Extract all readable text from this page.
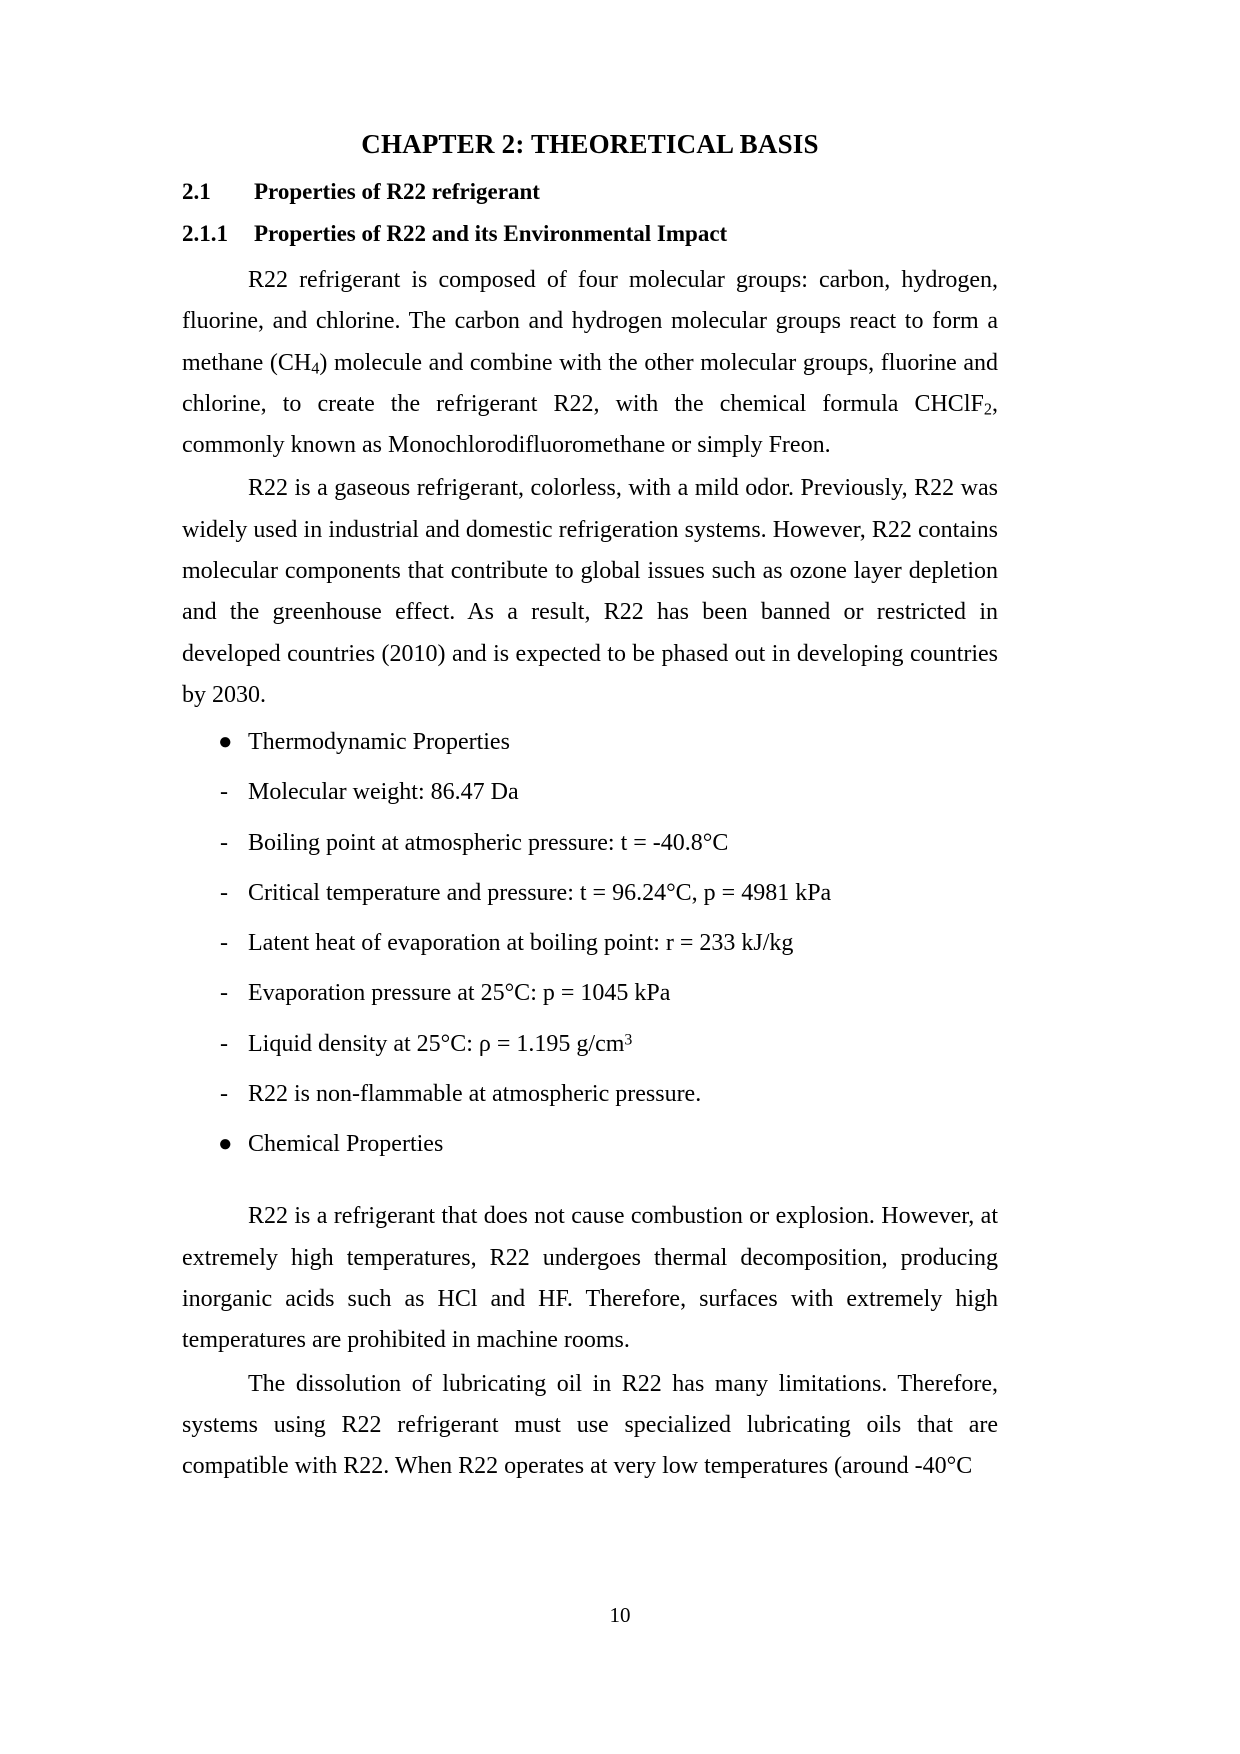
CHAPTER 2: THEORETICAL BASIS
2.1	Properties of R22 refrigerant
2.1.1	Properties of R22 and its Environmental Impact

R22 refrigerant is composed of four molecular groups: carbon, hydrogen, fluorine, and chlorine. The carbon and hydrogen molecular groups react to form a methane $(CH_4)$ molecule and combine with the other molecular groups, fluorine and chlorine, to create the refrigerant R22, with the chemical formula CHClF$_2$, commonly known as Monochlorodifluoromethane or simply Freon.

R22 is a gaseous refrigerant, colorless, with a mild odor. Previously, R22 was widely used in industrial and domestic refrigeration systems. However, R22 contains molecular components that contribute to global issues such as ozone layer depletion and the greenhouse effect. As a result, R22 has been banned or restricted in developed countries (2010) and is expected to be phased out in developing countries by 2030.

● Thermodynamic Properties
- Molecular weight: 86.47 Da
- Boiling point at atmospheric pressure: t = -40.8°C
- Critical temperature and pressure: t = 96.24°C, p = 4981 kPa
- Latent heat of evaporation at boiling point: r = 233 kJ/kg
- Evaporation pressure at 25°C: p = 1045 kPa
- Liquid density at 25°C: ρ = 1.195 $g/cm^3$
- R22 is non-flammable at atmospheric pressure.
● Chemical Properties

R22 is a refrigerant that does not cause combustion or explosion. However, at extremely high temperatures, R22 undergoes thermal decomposition, producing inorganic acids such as HCl and HF. Therefore, surfaces with extremely high temperatures are prohibited in machine rooms.

The dissolution of lubricating oil in R22 has many limitations. Therefore, systems using R22 refrigerant must use specialized lubricating oils that are compatible with R22. When R22 operates at very low temperatures (around -40°C

10
